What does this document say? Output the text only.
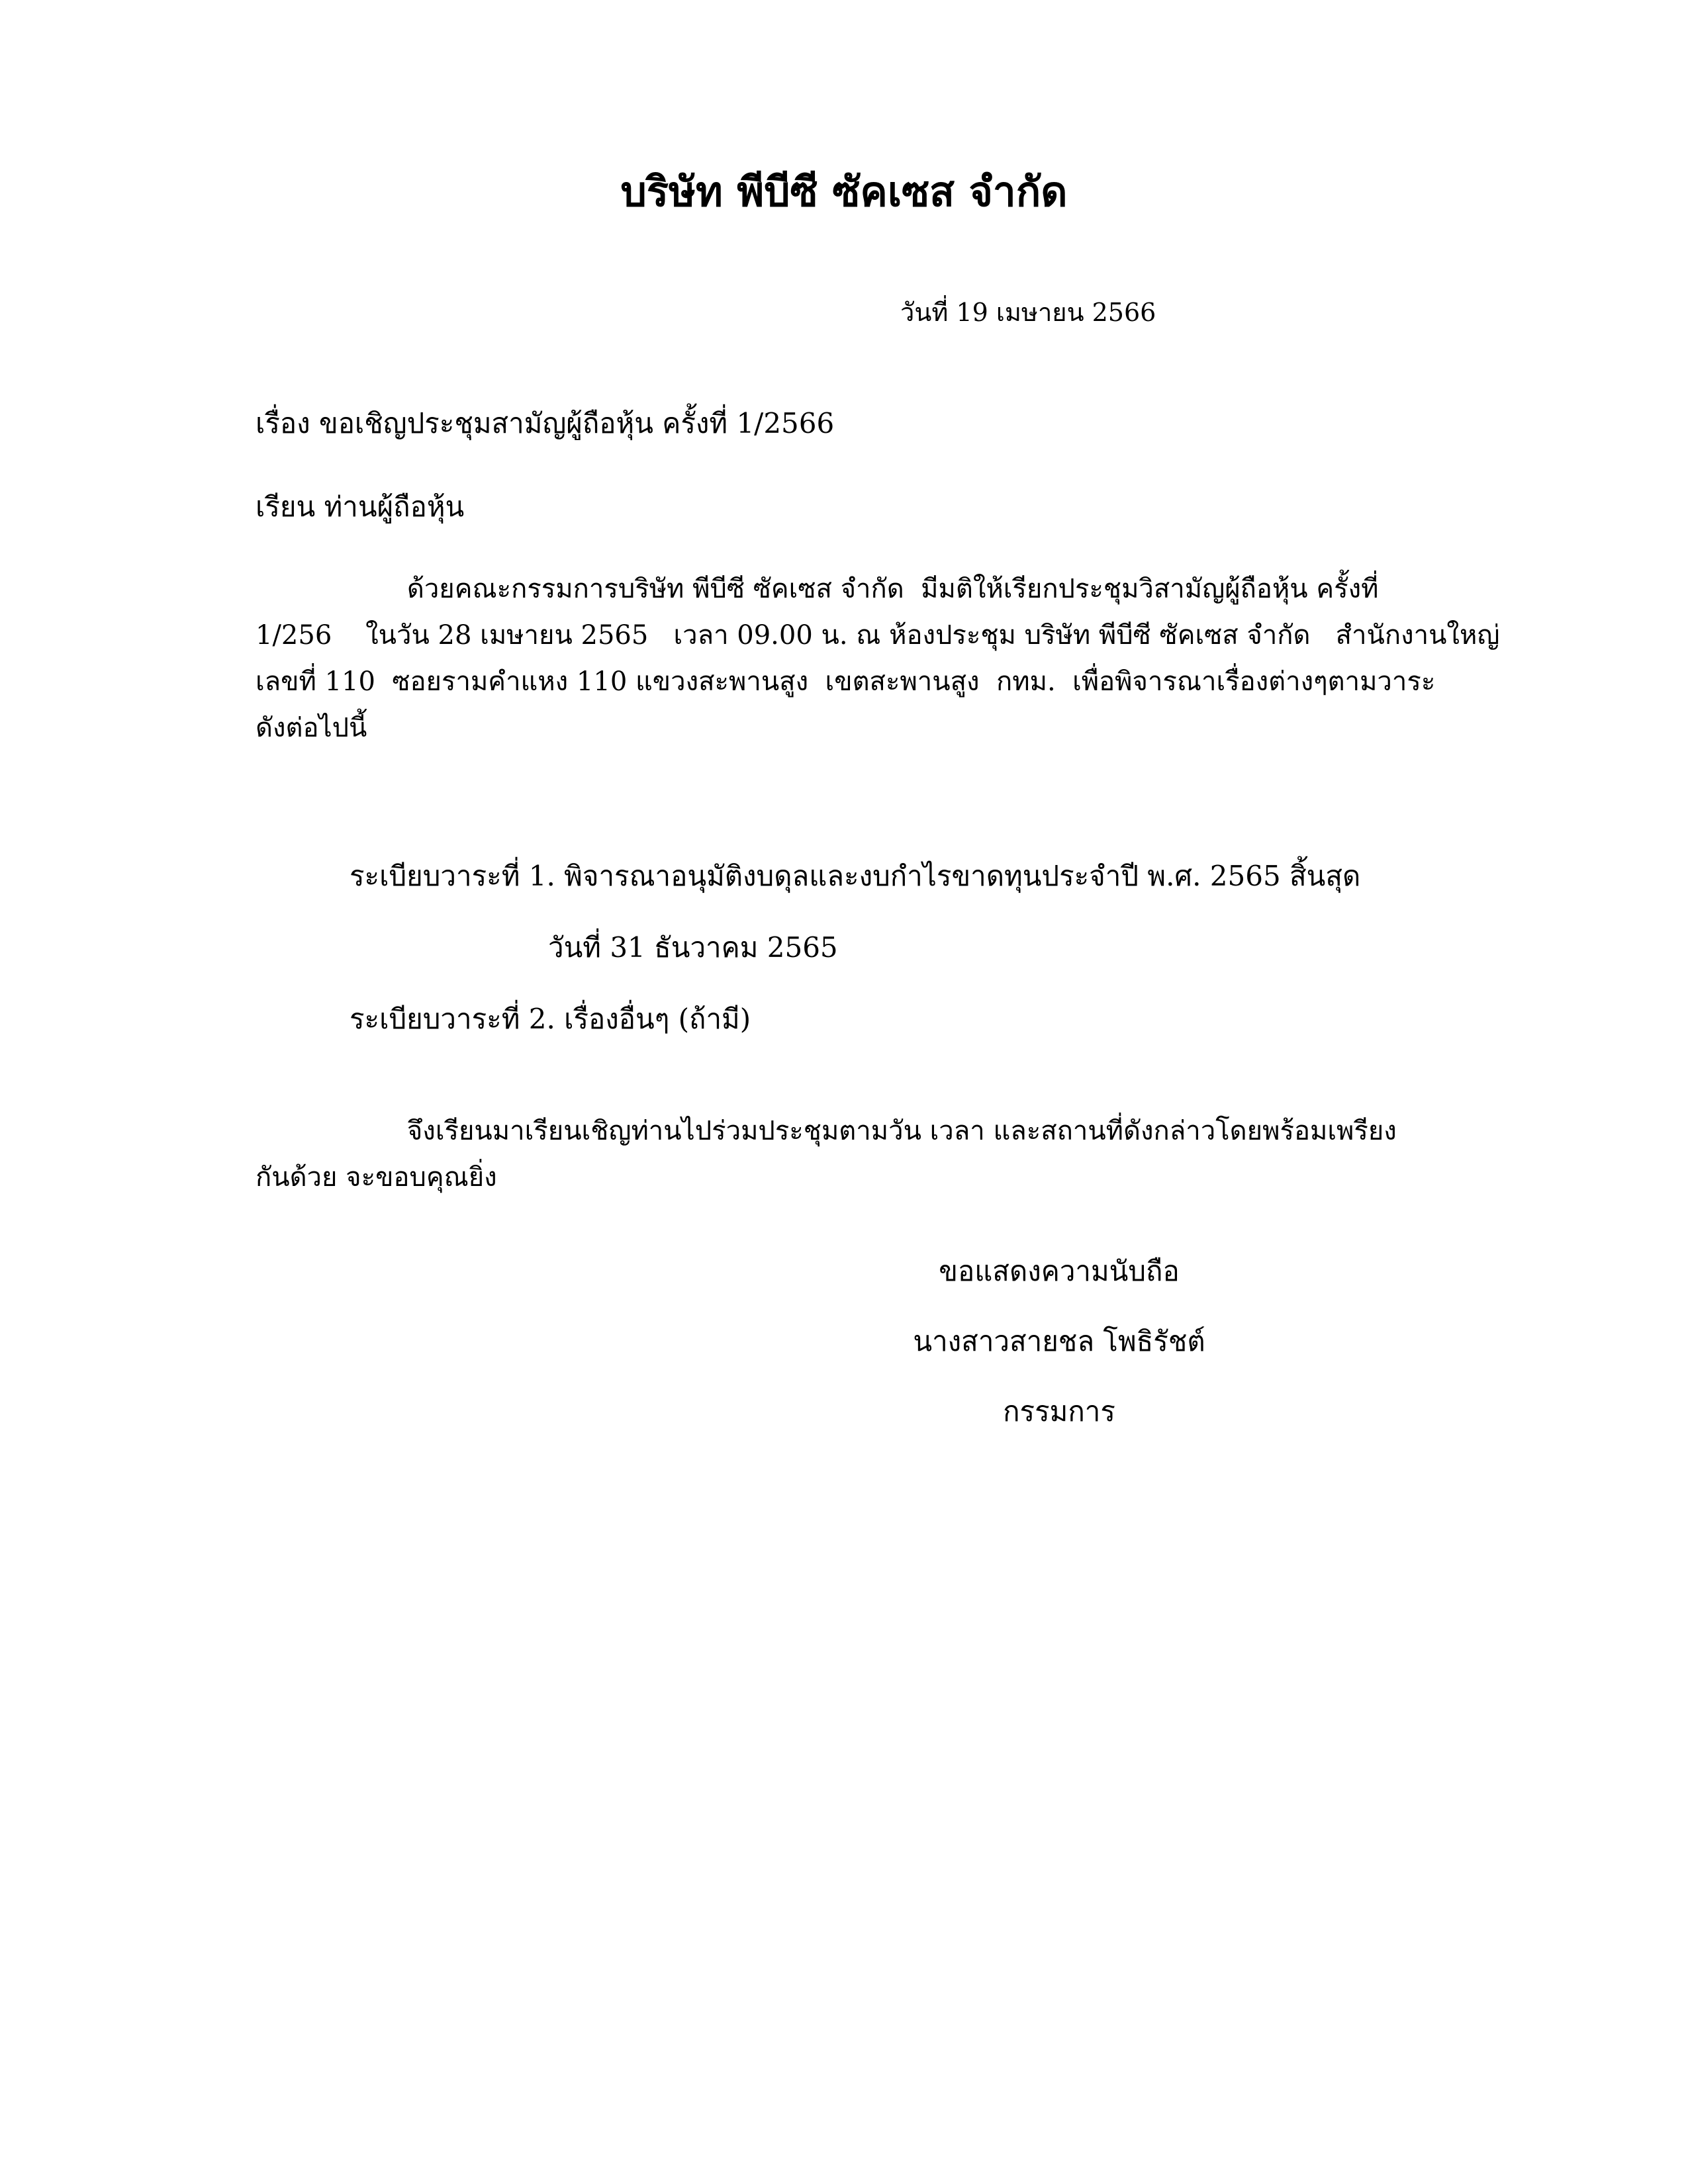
บริษัท พีบีซี ซัคเซส จำกัด
วันที่ 19 เมษายน 2566
เรื่อง ขอเชิญประชุมสามัญผู้ถือหุ้น ครั้งที่ 1/2566
เรียน ท่านผู้ถือหุ้น

ด้วยคณะกรรมการบริษัท พีบีซี ซัคเซส จำกัด  มีมติให้เรียกประชุมวิสามัญผู้ถือหุ้น ครั้งที่

1/256    ในวัน 28 เมษายน 2565   เวลา 09.00 น. ณ ห้องประชุม บริษัท พีบีซี ซัคเซส จำกัด   สำนักงานใหญ่

เลขที่ 110  ซอยรามคำแหง 110 แขวงสะพานสูง  เขตสะพานสูง  กทม.  เพื่อพิจารณาเรื่องต่างๆตามวาระ

ดังต่อไปนี้

ระเบียบวาระที่ 1. พิจารณาอนุมัติงบดุลและงบกำไรขาดทุนประจำปี พ.ศ. 2565 สิ้นสุด
วันที่ 31 ธันวาคม 2565
ระเบียบวาระที่ 2. เรื่องอื่นๆ (ถ้ามี)

จึงเรียนมาเรียนเชิญท่านไปร่วมประชุมตามวัน เวลา และสถานที่ดังกล่าวโดยพร้อมเพรียง

กันด้วย จะขอบคุณยิ่ง

ขอแสดงความนับถือ
นางสาวสายชล โพธิรัชต์
กรรมการ
